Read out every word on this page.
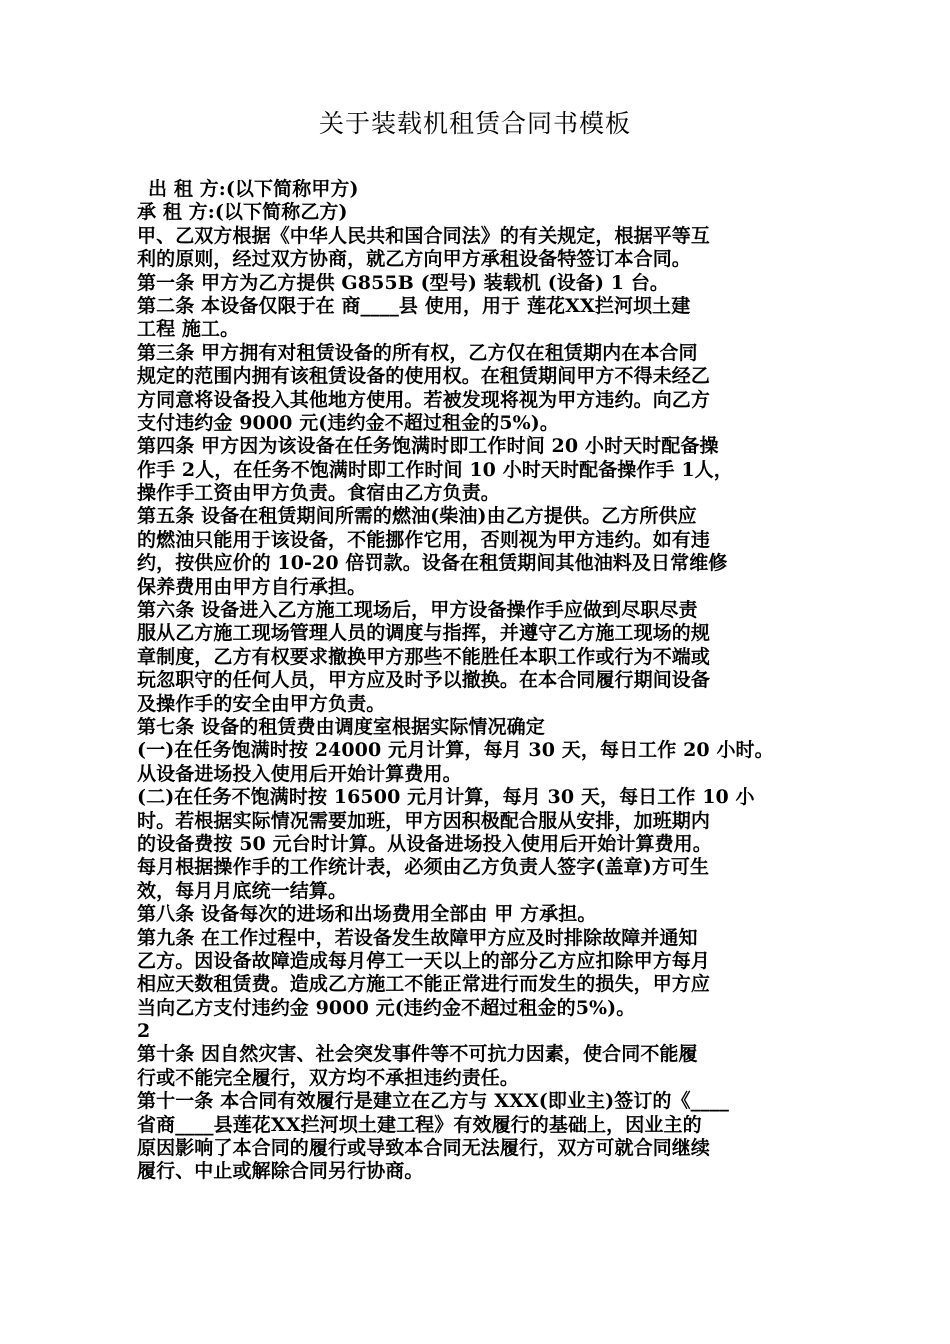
关于装载机租赁合同书模板
出 租 方:(以下简称甲方)
承 租 方:(以下简称乙方)
甲、乙双方根据《中华人民共和国合同法》的有关规定，根据平等互
利的原则，经过双方协商，就乙方向甲方承租设备特签订本合同。
第一条 甲方为乙方提供 G855B (型号) 装载机 (设备) 1 台。
第二条 本设备仅限于在 商____县 使用，用于 莲花XX拦河坝土建
工程 施工。
第三条 甲方拥有对租赁设备的所有权，乙方仅在租赁期内在本合同
规定的范围内拥有该租赁设备的使用权。在租赁期间甲方不得未经乙
方同意将设备投入其他地方使用。若被发现将视为甲方违约。向乙方
支付违约金 9000 元(违约金不超过租金的5%)。
第四条 甲方因为该设备在任务饱满时即工作时间 20 小时天时配备操
作手 2人，在任务不饱满时即工作时间 10 小时天时配备操作手 1人，
操作手工资由甲方负责。食宿由乙方负责。
第五条 设备在租赁期间所需的燃油(柴油)由乙方提供。乙方所供应
的燃油只能用于该设备，不能挪作它用，否则视为甲方违约。如有违
约，按供应价的 10-20 倍罚款。设备在租赁期间其他油料及日常维修
保养费用由甲方自行承担。
第六条 设备进入乙方施工现场后，甲方设备操作手应做到尽职尽责
服从乙方施工现场管理人员的调度与指挥，并遵守乙方施工现场的规
章制度，乙方有权要求撤换甲方那些不能胜任本职工作或行为不端或
玩忽职守的任何人员，甲方应及时予以撤换。在本合同履行期间设备
及操作手的安全由甲方负责。
第七条 设备的租赁费由调度室根据实际情况确定
(一)在任务饱满时按 24000 元月计算，每月 30 天，每日工作 20 小时。
从设备进场投入使用后开始计算费用。
(二)在任务不饱满时按 16500 元月计算，每月 30 天，每日工作 10 小
时。若根据实际情况需要加班，甲方因积极配合服从安排，加班期内
的设备费按 50 元台时计算。从设备进场投入使用后开始计算费用。
每月根据操作手的工作统计表，必须由乙方负责人签字(盖章)方可生
效，每月月底统一结算。
第八条 设备每次的进场和出场费用全部由 甲 方承担。
第九条 在工作过程中，若设备发生故障甲方应及时排除故障并通知
乙方。因设备故障造成每月停工一天以上的部分乙方应扣除甲方每月
相应天数租赁费。造成乙方施工不能正常进行而发生的损失，甲方应
当向乙方支付违约金 9000 元(违约金不超过租金的5%)。
2
第十条 因自然灾害、社会突发事件等不可抗力因素，使合同不能履
行或不能完全履行，双方均不承担违约责任。
第十一条 本合同有效履行是建立在乙方与 XXX(即业主)签订的《____
省商____县莲花XX拦河坝土建工程》有效履行的基础上，因业主的
原因影响了本合同的履行或导致本合同无法履行，双方可就合同继续
履行、中止或解除合同另行协商。
